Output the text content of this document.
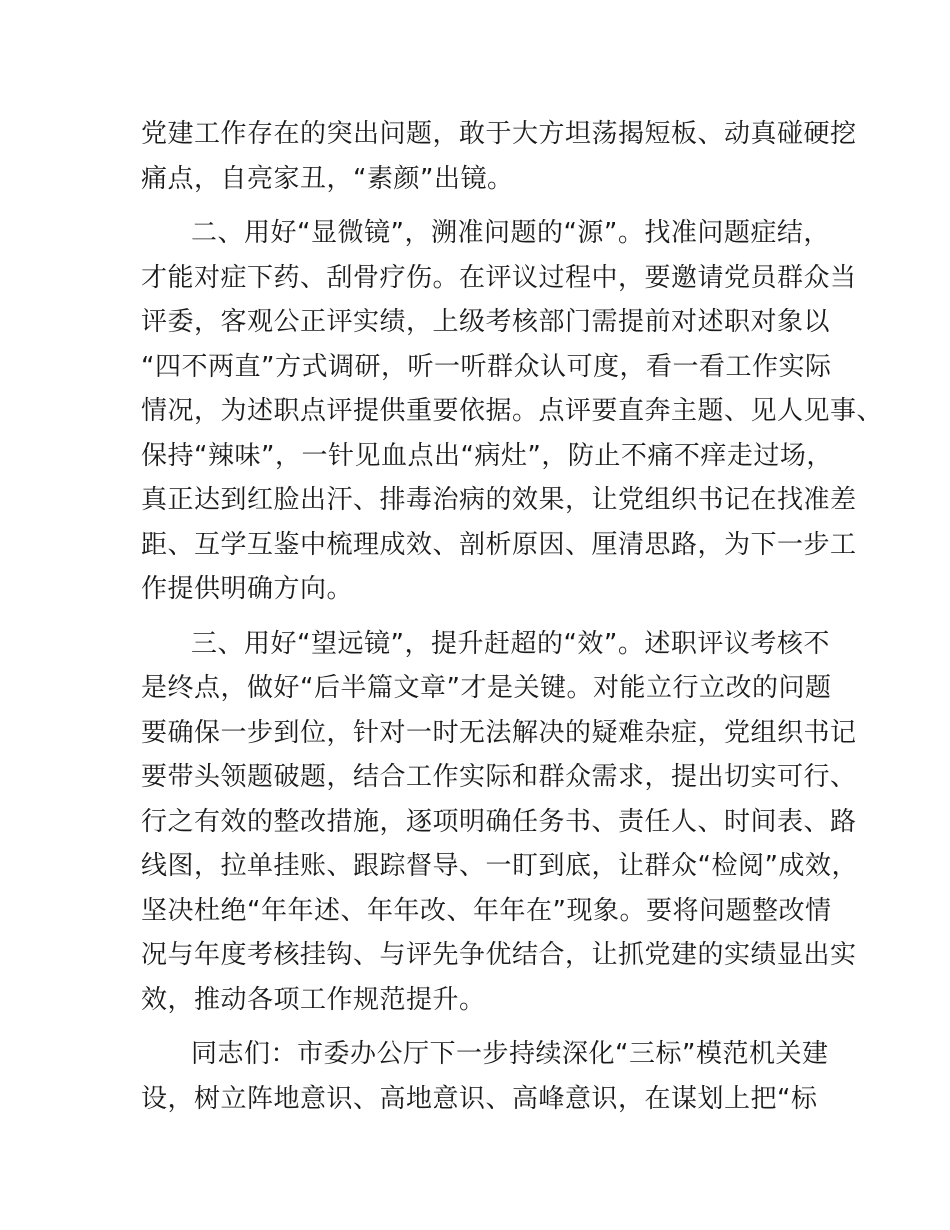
党建工作存在的突出问题，敢于大方坦荡揭短板、动真碰硬挖
痛点，自亮家丑，“素颜”出镜。
二、用好“显微镜”，溯准问题的“源”。找准问题症结，
才能对症下药、刮骨疗伤。在评议过程中，要邀请党员群众当
评委，客观公正评实绩，上级考核部门需提前对述职对象以
“四不两直”方式调研，听一听群众认可度，看一看工作实际
情况，为述职点评提供重要依据。点评要直奔主题、见人见事、
保持“辣味”，一针见血点出“病灶”，防止不痛不痒走过场，
真正达到红脸出汗、排毒治病的效果，让党组织书记在找准差
距、互学互鉴中梳理成效、剖析原因、厘清思路，为下一步工
作提供明确方向。
三、用好“望远镜”，提升赶超的“效”。述职评议考核不
是终点，做好“后半篇文章”才是关键。对能立行立改的问题
要确保一步到位，针对一时无法解决的疑难杂症，党组织书记
要带头领题破题，结合工作实际和群众需求，提出切实可行、
行之有效的整改措施，逐项明确任务书、责任人、时间表、路
线图，拉单挂账、跟踪督导、一盯到底，让群众“检阅”成效，
坚决杜绝“年年述、年年改、年年在”现象。要将问题整改情
况与年度考核挂钩、与评先争优结合，让抓党建的实绩显出实
效，推动各项工作规范提升。
同志们：市委办公厅下一步持续深化“三标”模范机关建
设，树立阵地意识、高地意识、高峰意识，在谋划上把“标
